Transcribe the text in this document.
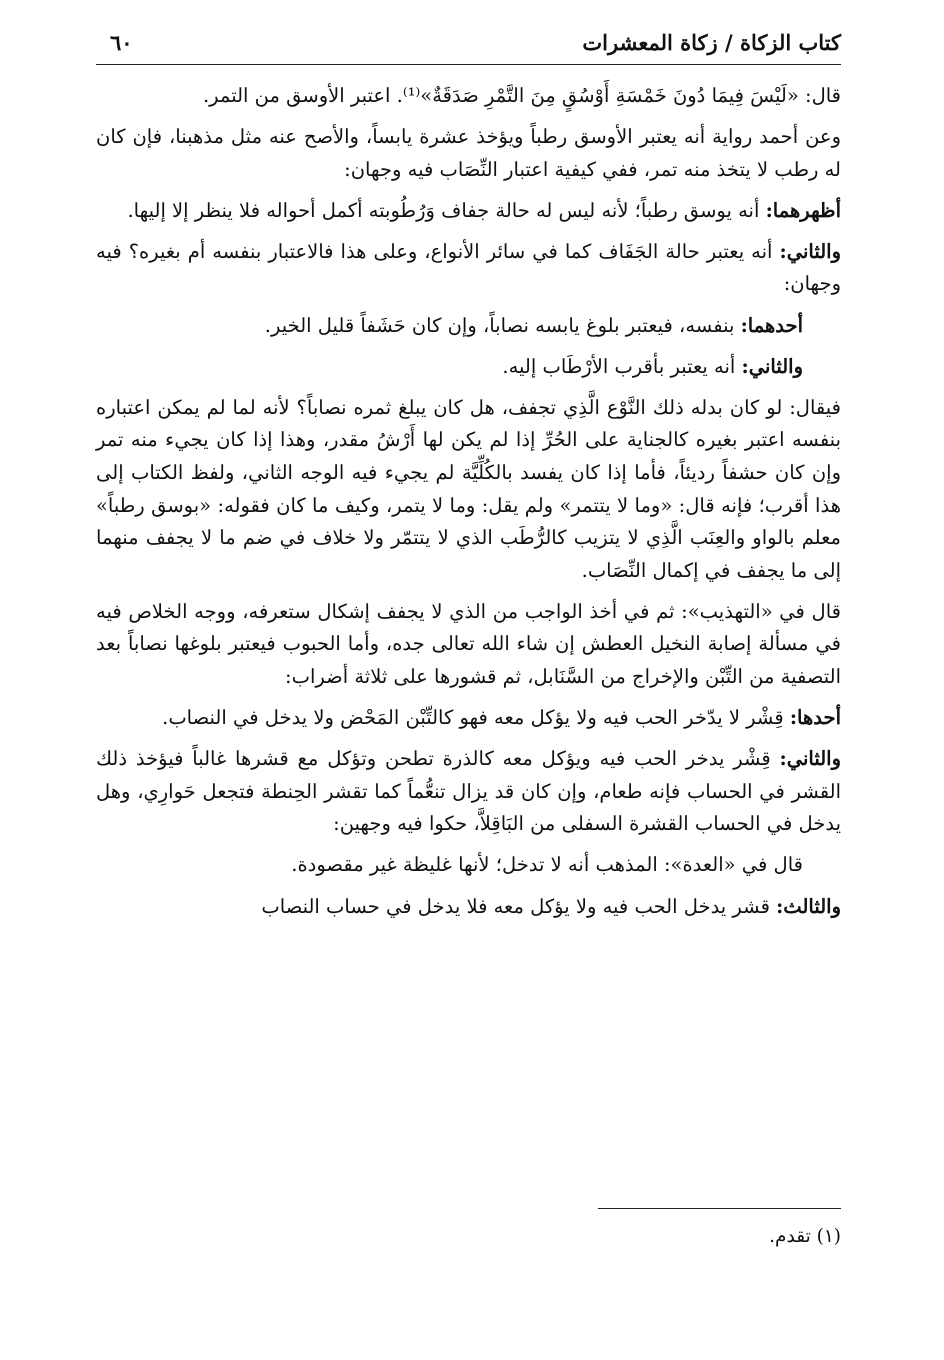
٦٠	كتاب الزكاة / زكاة المعشرات

قال: «لَيْسَ فِيمَا دُونَ خَمْسَةِ أَوْسُقٍ مِنَ التَّمْرِ صَدَقَةٌ»⁽¹⁾. اعتبر الأوسق من التمر.

وعن أحمد رواية أنه يعتبر الأوسق رطباً ويؤخذ عشرة يابساً، والأصح عنه مثل مذهبنا، فإن كان له رطب لا يتخذ منه تمر، ففي كيفية اعتبار النِّصَاب فيه وجهان:

أظهرهما: أنه يوسق رطباً؛ لأنه ليس له حالة جفاف وَرُطُوبته أكمل أحواله فلا ينظر إلا إليها.

والثاني: أنه يعتبر حالة الجَفَاف كما في سائر الأنواع، وعلى هذا فالاعتبار بنفسه أم بغيره؟ فيه وجهان:

أحدهما: بنفسه، فيعتبر بلوغ يابسه نصاباً، وإن كان حَشَفاً قليل الخير.

والثاني: أنه يعتبر بأقرب الأرْطَاب إليه.

فيقال: لو كان بدله ذلك النَّوْع الَّذِي تجفف، هل كان يبلغ ثمره نصاباً؟ لأنه لما لم يمكن اعتباره بنفسه اعتبر بغيره كالجناية على الحُرِّ إذا لم يكن لها أَرْشُ مقدر، وهذا إذا كان يجيء منه تمر وإن كان حشفاً رديئاً، فأما إذا كان يفسد بالكُلِّيَّة لم يجيء فيه الوجه الثاني، ولفظ الكتاب إلى هذا أقرب؛ فإنه قال: «وما لا يتتمر» ولم يقل: وما لا يتمر، وكيف ما كان فقوله: «بوسق رطباً» معلم بالواو والعِنَب الَّذِي لا يتزيب كالرُّطَب الذي لا يتتمّر ولا خلاف في ضم ما لا يجفف منهما إلى ما يجفف في إكمال النِّصَاب.

قال في «التهذيب»: ثم في أخذ الواجب من الذي لا يجفف إشكال ستعرفه، ووجه الخلاص فيه في مسألة إصابة النخيل العطش إن شاء الله تعالى جده، وأما الحبوب فيعتبر بلوغها نصاباً بعد التصفية من التِّبْن والإخراج من السَّنَابل، ثم قشورها على ثلاثة أضراب:

أحدها: قِشْر لا يدّخر الحب فيه ولا يؤكل معه فهو كالتِّبْن المَحْض ولا يدخل في النصاب.

والثاني: قِشْر يدخر الحب فيه ويؤكل معه كالذرة تطحن وتؤكل مع قشرها غالباً فيؤخذ ذلك القشر في الحساب فإنه طعام، وإن كان قد يزال تنعُّماً كما تقشر الحِنطة فتجعل حَوارِي، وهل يدخل في الحساب القشرة السفلى من البَاقِلاَّ، حكوا فيه وجهين:

قال في «العدة»: المذهب أنه لا تدخل؛ لأنها غليظة غير مقصودة.

والثالث: قشر يدخل الحب فيه ولا يؤكل معه فلا يدخل في حساب النصاب

(١) تقدم.
